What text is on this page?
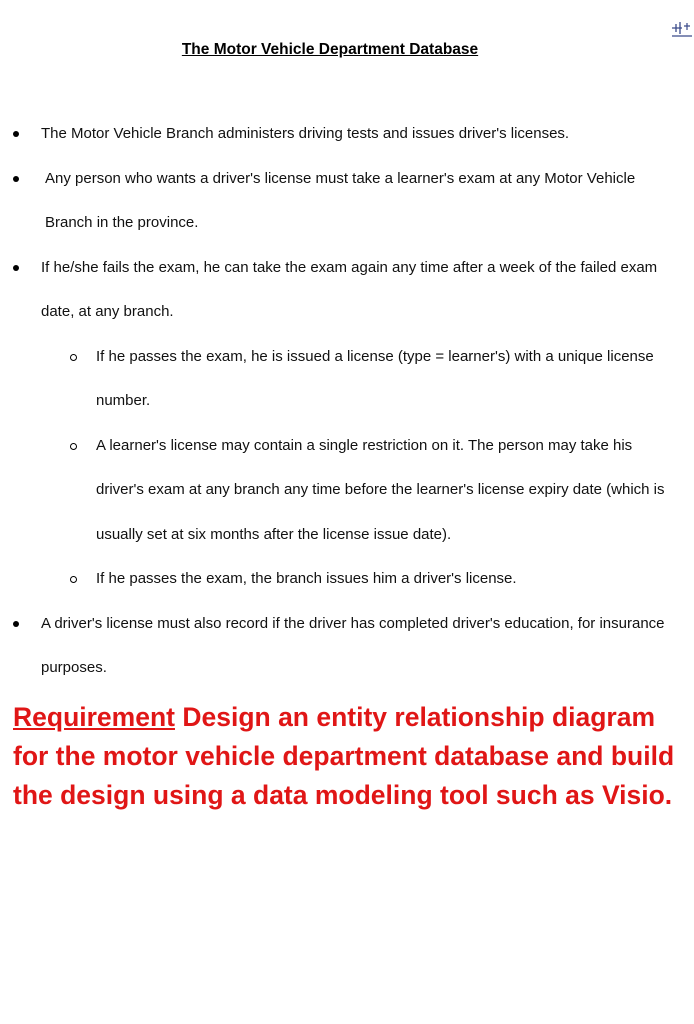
The Motor Vehicle Department Database
The Motor Vehicle Branch administers driving tests and issues driver's licenses.
Any person who wants a driver's license must take a learner's exam at any Motor Vehicle Branch in the province.
If he/she fails the exam, he can take the exam again any time after a week of the failed exam date, at any branch.
If he passes the exam, he is issued a license (type = learner's) with a unique license number.
A learner's license may contain a single restriction on it. The person may take his driver's exam at any branch any time before the learner's license expiry date (which is usually set at six months after the license issue date).
If he passes the exam, the branch issues him a driver's license.
A driver's license must also record if the driver has completed driver's education, for insurance purposes.
Requirement Design an entity relationship diagram for the motor vehicle department database and build the design using a data modeling tool such as Visio.
